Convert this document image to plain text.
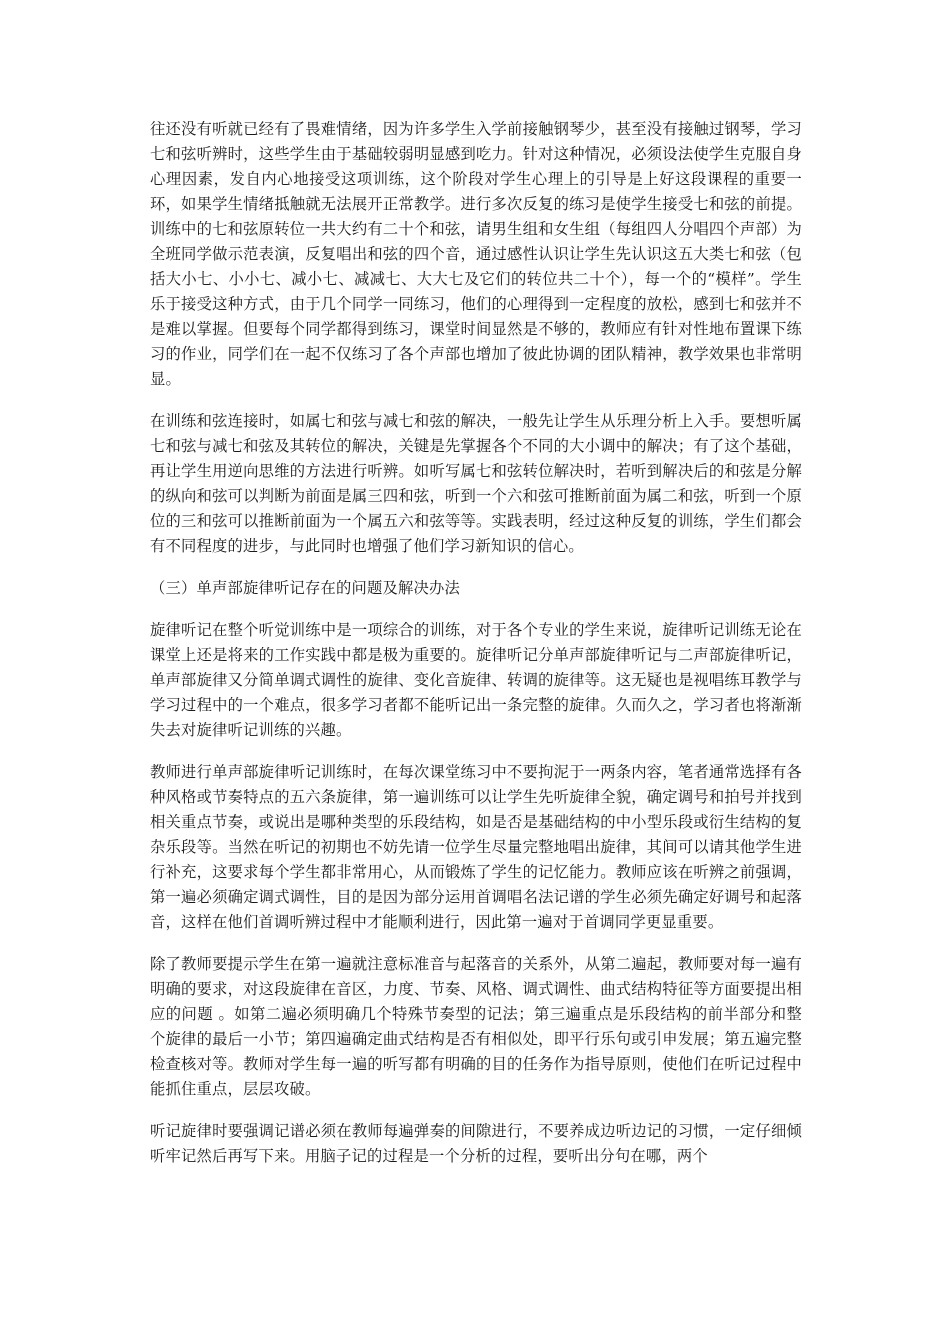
往还没有听就已经有了畏难情绪，因为许多学生入学前接触钢琴少，甚至没有接触过钢琴，学习七和弦听辨时，这些学生由于基础较弱明显感到吃力。针对这种情况，必须设法使学生克服自身心理因素，发自内心地接受这项训练，这个阶段对学生心理上的引导是上好这段课程的重要一环，如果学生情绪抵触就无法展开正常教学。进行多次反复的练习是使学生接受七和弦的前提。训练中的七和弦原转位一共大约有二十个和弦，请男生组和女生组（每组四人分唱四个声部）为全班同学做示范表演，反复唱出和弦的四个音，通过感性认识让学生先认识这五大类七和弦（包括大小七、小小七、减小七、减减七、大大七及它们的转位共二十个），每一个的“模样”。学生乐于接受这种方式，由于几个同学一同练习，他们的心理得到一定程度的放松，感到七和弦并不是难以掌握。但要每个同学都得到练习，课堂时间显然是不够的，教师应有针对性地布置课下练习的作业，同学们在一起不仅练习了各个声部也增加了彼此协调的团队精神，教学效果也非常明显。

在训练和弦连接时，如属七和弦与减七和弦的解决，一般先让学生从乐理分析上入手。要想听属七和弦与减七和弦及其转位的解决，关键是先掌握各个不同的大小调中的解决；有了这个基础，再让学生用逆向思维的方法进行听辨。如听写属七和弦转位解决时，若听到解决后的和弦是分解的纵向和弦可以判断为前面是属三四和弦，听到一个六和弦可推断前面为属二和弦，听到一个原位的三和弦可以推断前面为一个属五六和弦等等。实践表明，经过这种反复的训练，学生们都会有不同程度的进步，与此同时也增强了他们学习新知识的信心。

（三）单声部旋律听记存在的问题及解决办法

旋律听记在整个听觉训练中是一项综合的训练，对于各个专业的学生来说，旋律听记训练无论在课堂上还是将来的工作实践中都是极为重要的。旋律听记分单声部旋律听记与二声部旋律听记，单声部旋律又分简单调式调性的旋律、变化音旋律、转调的旋律等。这无疑也是视唱练耳教学与学习过程中的一个难点，很多学习者都不能听记出一条完整的旋律。久而久之，学习者也将渐渐失去对旋律听记训练的兴趣。

教师进行单声部旋律听记训练时，在每次课堂练习中不要拘泥于一两条内容，笔者通常选择有各种风格或节奏特点的五六条旋律，第一遍训练可以让学生先听旋律全貌，确定调号和拍号并找到相关重点节奏，或说出是哪种类型的乐段结构，如是否是基础结构的中小型乐段或衍生结构的复杂乐段等。当然在听记的初期也不妨先请一位学生尽量完整地唱出旋律，其间可以请其他学生进行补充，这要求每个学生都非常用心，从而锻炼了学生的记忆能力。教师应该在听辨之前强调，第一遍必须确定调式调性，目的是因为部分运用首调唱名法记谱的学生必须先确定好调号和起落音，这样在他们首调听辨过程中才能顺利进行，因此第一遍对于首调同学更显重要。

除了教师要提示学生在第一遍就注意标准音与起落音的关系外，从第二遍起，教师要对每一遍有明确的要求，对这段旋律在音区，力度、节奏、风格、调式调性、曲式结构特征等方面要提出相应的问题 。如第二遍必须明确几个特殊节奏型的记法；第三遍重点是乐段结构的前半部分和整个旋律的最后一小节；第四遍确定曲式结构是否有相似处，即平行乐句或引申发展；第五遍完整检查核对等。教师对学生每一遍的听写都有明确的目的任务作为指导原则，使他们在听记过程中能抓住重点，层层攻破。

听记旋律时要强调记谱必须在教师每遍弹奏的间隙进行，不要养成边听边记的习惯，一定仔细倾听牢记然后再写下来。用脑子记的过程是一个分析的过程，要听出分句在哪，两个
